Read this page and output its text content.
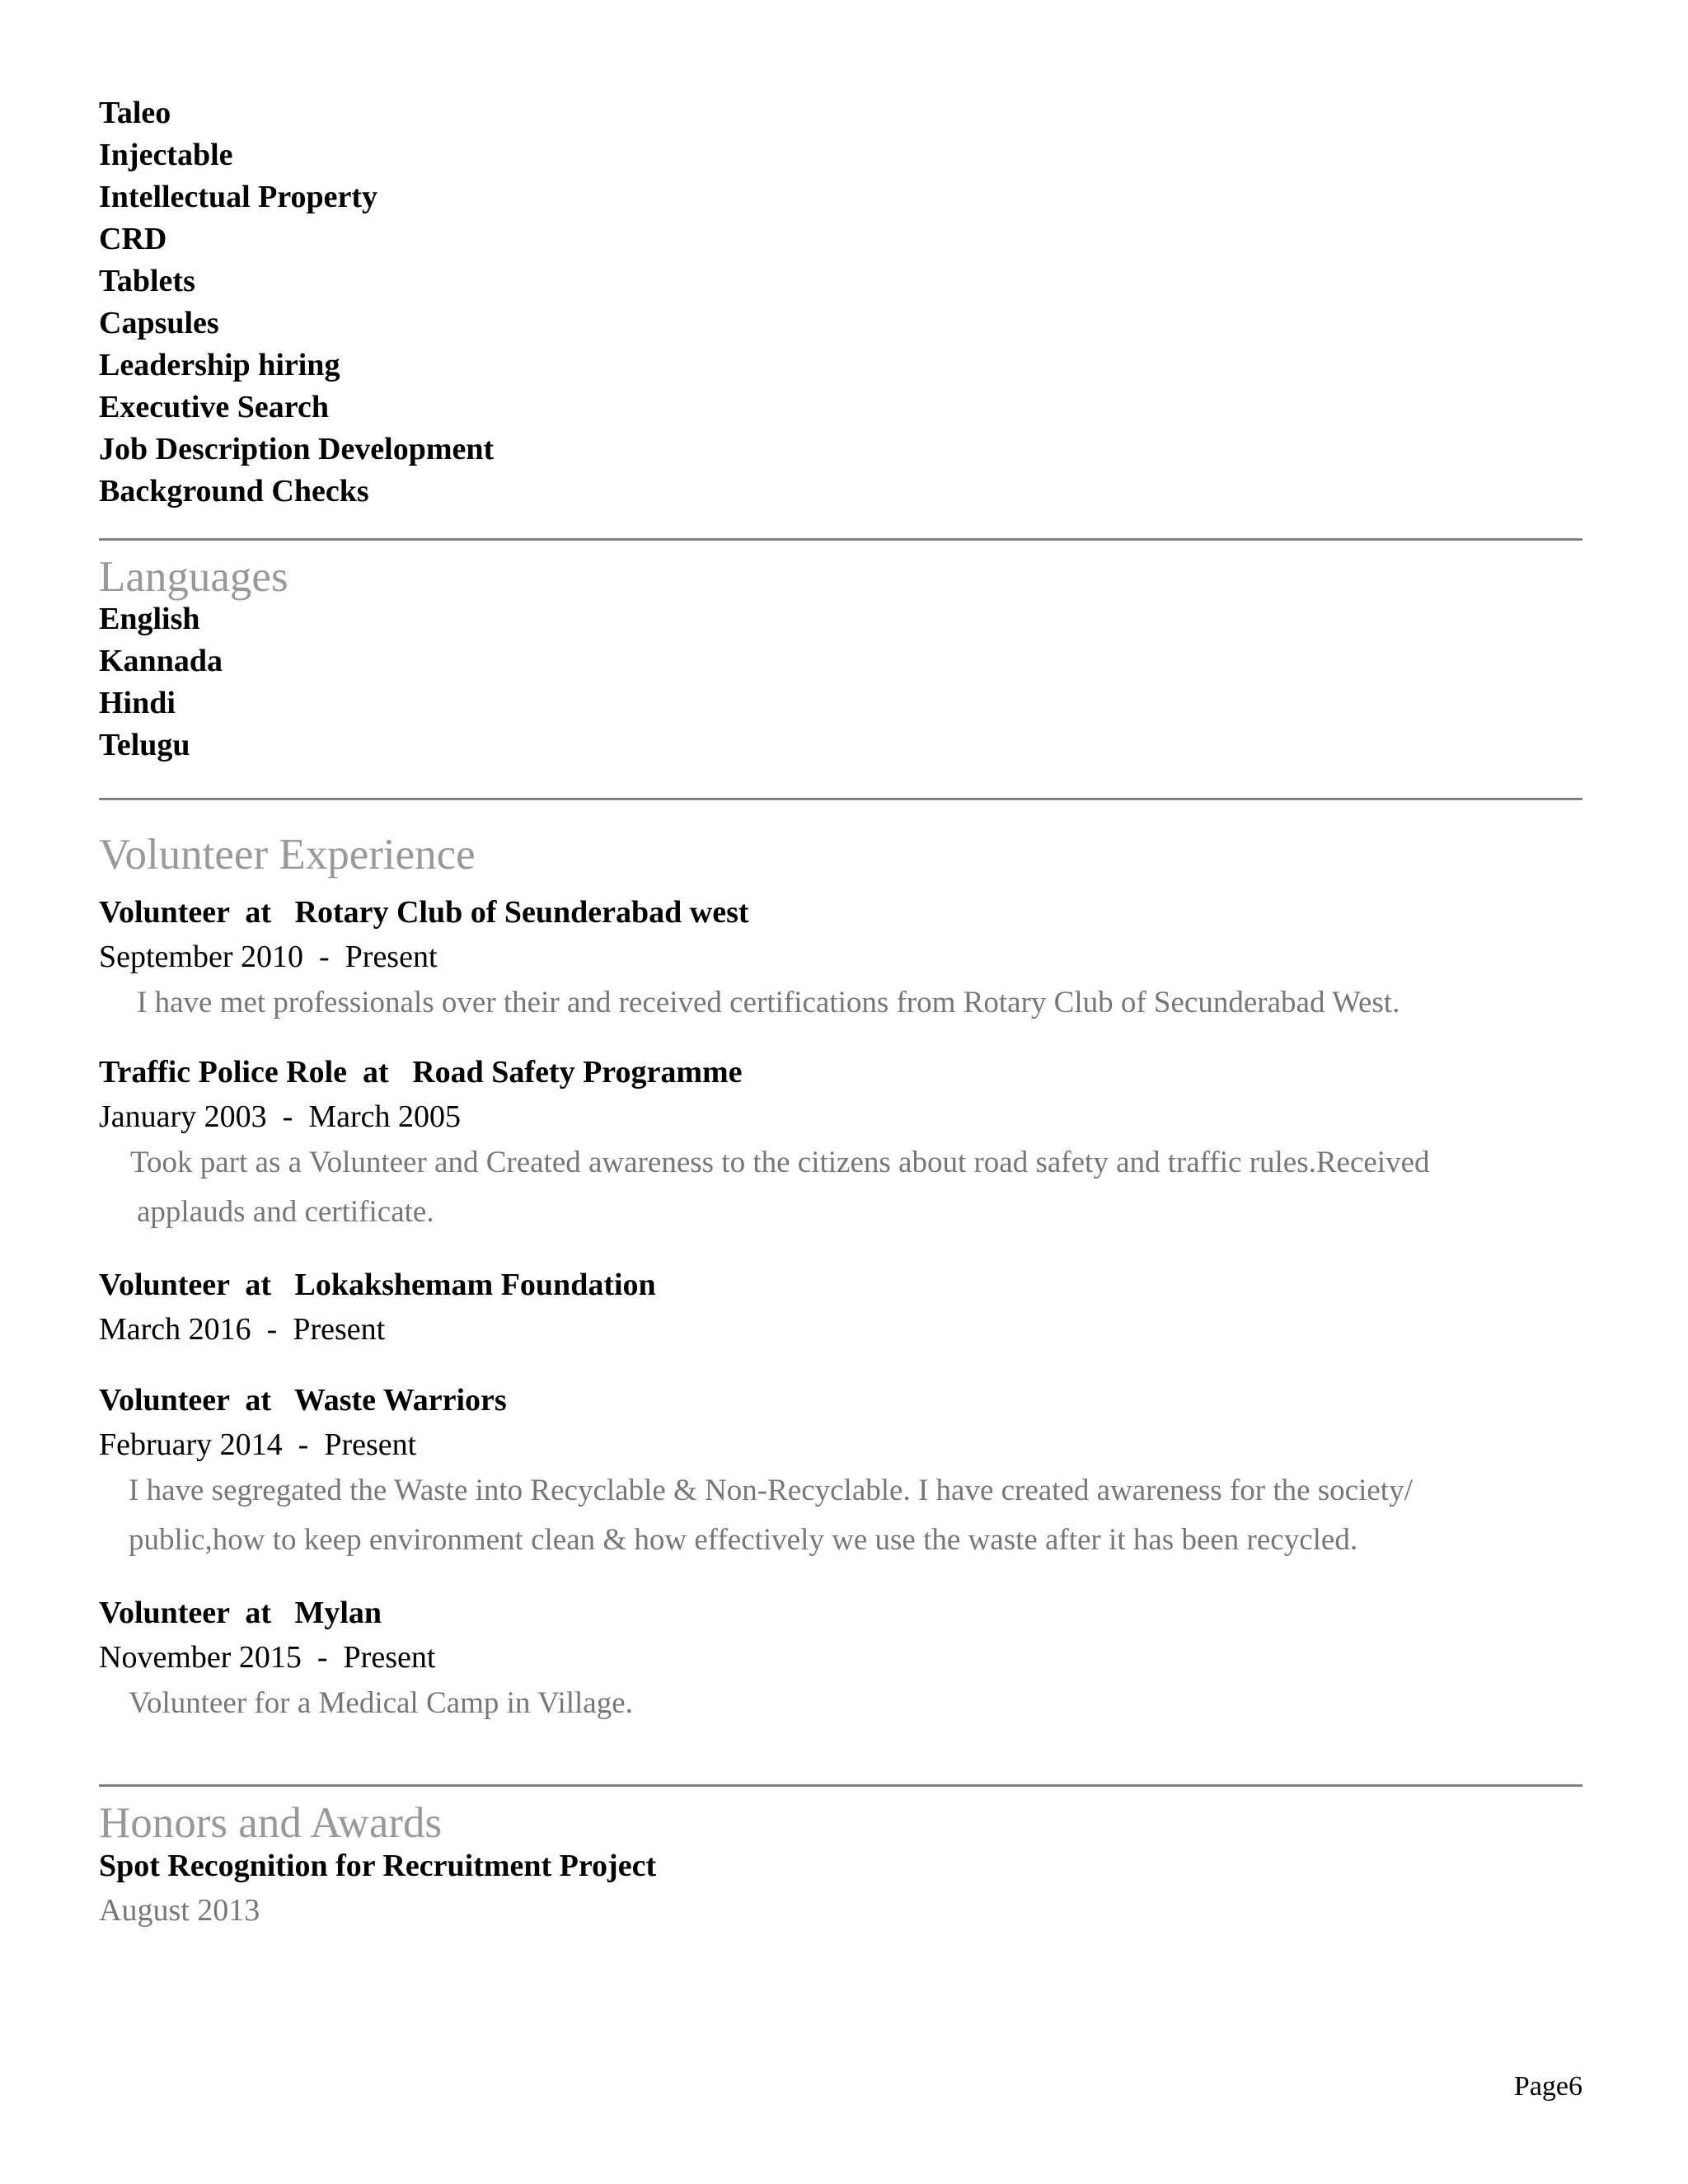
Taleo
Injectable
Intellectual Property
CRD
Tablets
Capsules
Leadership hiring
Executive Search
Job Description Development
Background Checks
Languages
English
Kannada
Hindi
Telugu
Volunteer Experience
Volunteer  at   Rotary Club of Seunderabad west
September 2010  -  Present
I have met professionals over their and received certifications from Rotary Club of Secunderabad West.
Traffic Police Role  at   Road Safety Programme
January 2003  -  March 2005
Took part as a Volunteer and Created awareness to the citizens about road safety and traffic rules.Received applauds and certificate.
Volunteer  at   Lokakshemam Foundation
March 2016  -  Present
Volunteer  at   Waste Warriors
February 2014  -  Present
I have segregated the Waste into Recyclable & Non-Recyclable. I have created awareness for the society/ public,how to keep environment clean & how effectively we use the waste after it has been recycled.
Volunteer  at   Mylan
November 2015  -  Present
Volunteer for a Medical Camp in Village.
Honors and Awards
Spot Recognition for Recruitment Project
August 2013
Page6
